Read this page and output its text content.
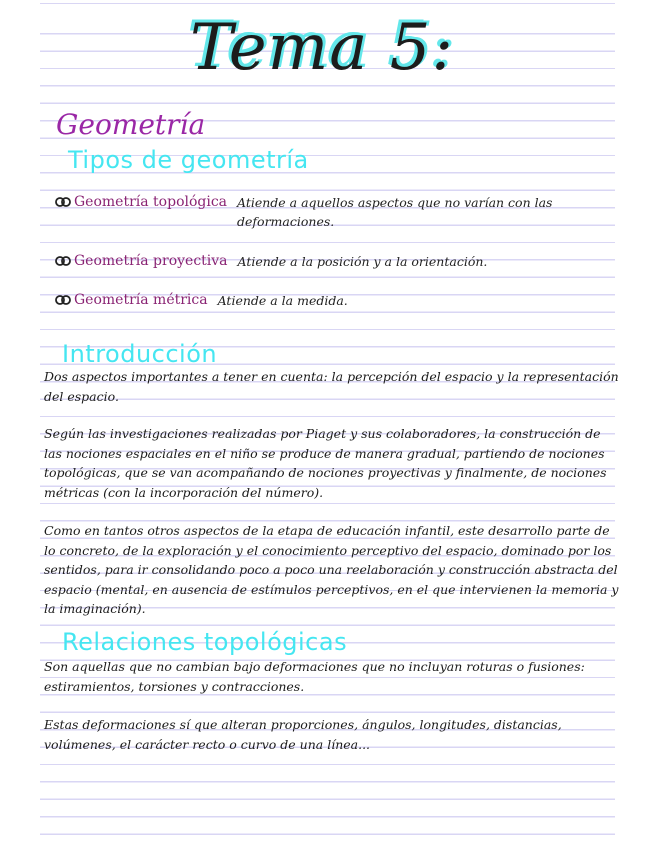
Tema 5:
Geometría
Tipos de geometría
Geometría topológica Atiende a aquellos aspectos que no varían con las deformaciones.
Geometría proyectiva Atiende a la posición y a la orientación.
Geometría métrica Atiende a la medida.
Introducción
Dos aspectos importantes a tener en cuenta: la percepción del espacio y la representación del espacio.
Según las investigaciones realizadas por Piaget y sus colaboradores, la construcción de las nociones espaciales en el niño se produce de manera gradual, partiendo de nociones topológicas, que se van acompañando de nociones proyectivas y finalmente, de nociones métricas (con la incorporación del número).
Como en tantos otros aspectos de la etapa de educación infantil, este desarrollo parte de lo concreto, de la exploración y el conocimiento perceptivo del espacio, dominado por los sentidos, para ir consolidando poco a poco una reelaboración y construcción abstracta del espacio (mental, en ausencia de estímulos perceptivos, en el que intervienen la memoria y la imaginación).
Relaciones topológicas
Son aquellas que no cambian bajo deformaciones que no incluyan roturas o fusiones: estiramientos, torsiones y contracciones.
Estas deformaciones sí que alteran proporciones, ángulos, longitudes, distancias, volúmenes, el carácter recto o curvo de una línea...
